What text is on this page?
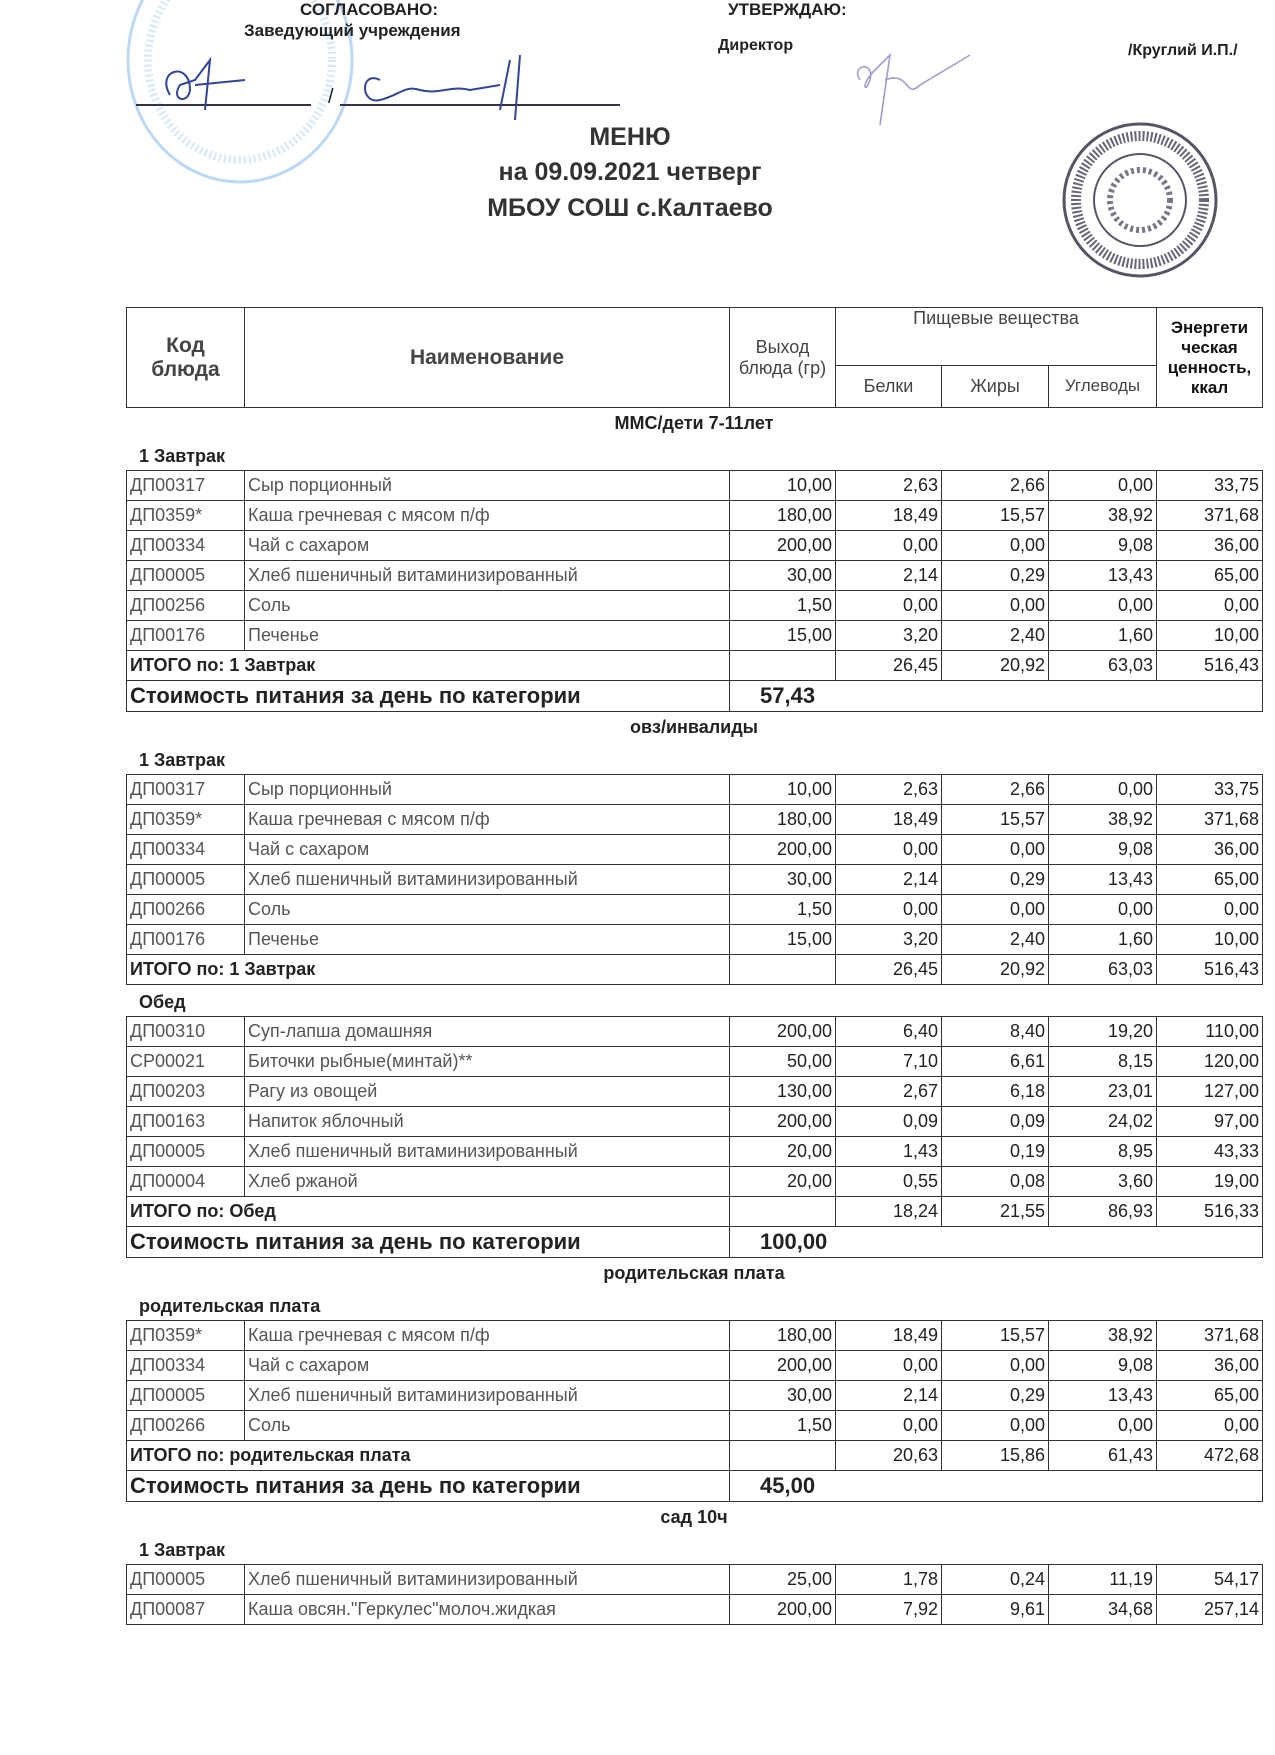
СОГЛАСОВАНО:
Заведующий учреждения
УТВЕРЖДАЮ:
Директор	/Круглий И.П./
/
МЕНЮ
на 09.09.2021 четверг
МБОУ СОШ с.Калтаево
Код блюда	Наименование	Выход блюда (гр)	Пищевые вещества			Энергети ческая ценность, ккал
			Белки	Жиры	Углеводы	
ММС/дети 7-11лет
1 Завтрак
ДП00317	Сыр порционный	10,00	2,63	2,66	0,00	33,75
ДП0359*	Каша гречневая с мясом п/ф	180,00	18,49	15,57	38,92	371,68
ДП00334	Чай с сахаром	200,00	0,00	0,00	9,08	36,00
ДП00005	Хлеб пшеничный витаминизированный	30,00	2,14	0,29	13,43	65,00
ДП00256	Соль	1,50	0,00	0,00	0,00	0,00
ДП00176	Печенье	15,00	3,20	2,40	1,60	10,00
ИТОГО по: 1 Завтрак			26,45	20,92	63,03	516,43
Стоимость питания за день по категории		57,43				
овз/инвалиды
1 Завтрак
ДП00317	Сыр порционный	10,00	2,63	2,66	0,00	33,75
ДП0359*	Каша гречневая с мясом п/ф	180,00	18,49	15,57	38,92	371,68
ДП00334	Чай с сахаром	200,00	0,00	0,00	9,08	36,00
ДП00005	Хлеб пшеничный витаминизированный	30,00	2,14	0,29	13,43	65,00
ДП00266	Соль	1,50	0,00	0,00	0,00	0,00
ДП00176	Печенье	15,00	3,20	2,40	1,60	10,00
ИТОГО по: 1 Завтрак			26,45	20,92	63,03	516,43
Обед
ДП00310	Суп-лапша домашняя	200,00	6,40	8,40	19,20	110,00
СР00021	Биточки рыбные(минтай)**	50,00	7,10	6,61	8,15	120,00
ДП00203	Рагу из овощей	130,00	2,67	6,18	23,01	127,00
ДП00163	Напиток яблочный	200,00	0,09	0,09	24,02	97,00
ДП00005	Хлеб пшеничный витаминизированный	20,00	1,43	0,19	8,95	43,33
ДП00004	Хлеб ржаной	20,00	0,55	0,08	3,60	19,00
ИТОГО по: Обед			18,24	21,55	86,93	516,33
Стоимость питания за день по категории		100,00				
родительская плата
родительская плата
ДП0359*	Каша гречневая с мясом п/ф	180,00	18,49	15,57	38,92	371,68
ДП00334	Чай с сахаром	200,00	0,00	0,00	9,08	36,00
ДП00005	Хлеб пшеничный витаминизированный	30,00	2,14	0,29	13,43	65,00
ДП00266	Соль	1,50	0,00	0,00	0,00	0,00
ИТОГО по: родительская плата			20,63	15,86	61,43	472,68
Стоимость питания за день по категории		45,00				
сад 10ч
1 Завтрак
ДП00005	Хлеб пшеничный витаминизированный	25,00	1,78	0,24	11,19	54,17
ДП00087	Каша овсян."Геркулес"молоч.жидкая	200,00	7,92	9,61	34,68	257,14
